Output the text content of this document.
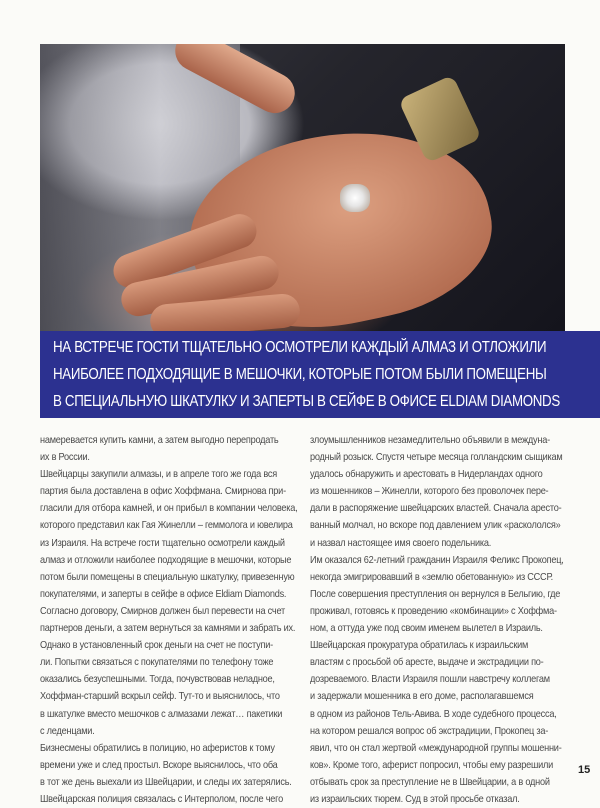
НА ВСТРЕЧЕ ГОСТИ ТЩАТЕЛЬНО ОСМОТРЕЛИ КАЖДЫЙ АЛМАЗ И ОТЛОЖИЛИ
НАИБОЛЕЕ ПОДХОДЯЩИЕ В МЕШОЧКИ, КОТОРЫЕ ПОТОМ БЫЛИ ПОМЕЩЕНЫ
В СПЕЦИАЛЬНУЮ ШКАТУЛКУ И ЗАПЕРТЫ В СЕЙФЕ В ОФИСЕ ELDIAM DIAMONDS
намеревается купить камни, а затем выгодно перепродать
их в России.
Швейцарцы закупили алмазы, и в апреле того же года вся
партия была доставлена в офис Хоффмана. Смирнова при-
гласили для отбора камней, и он прибыл в компании человека,
которого представил как Гая Жинелли – геммолога и ювелира
из Израиля. На встрече гости тщательно осмотрели каждый
алмаз и отложили наиболее подходящие в мешочки, которые
потом были помещены в специальную шкатулку, привезенную
покупателями, и заперты в сейфе в офисе Eldiam Diamonds.
Согласно договору, Смирнов должен был перевести на счет
партнеров деньги, а затем вернуться за камнями и забрать их.
Однако в установленный срок деньги на счет не поступи-
ли. Попытки связаться с покупателями по телефону тоже
оказались безуспешными. Тогда, почувствовав неладное,
Хоффман-старший вскрыл сейф. Тут-то и выяснилось, что
в шкатулке вместо мешочков с алмазами лежат… пакетики
с леденцами.
Бизнесмены обратились в полицию, но аферистов к тому
времени уже и след простыл. Вскоре выяснилось, что оба
в тот же день выехали из Швейцарии, и следы их затерялись.
Швейцарская полиция связалась с Интерполом, после чего
злоумышленников незамедлительно объявили в междуна-
родный розыск. Спустя четыре месяца голландским сыщикам
удалось обнаружить и арестовать в Нидерландах одного
из мошенников – Жинелли, которого без проволочек пере-
дали в распоряжение швейцарских властей. Сначала аресто-
ванный молчал, но вскоре под давлением улик «раскололся»
и назвал настоящее имя своего подельника.
Им оказался 62-летний гражданин Израиля Феликс Прокопец,
некогда эмигрировавший в «землю обетованную» из СССР.
После совершения преступления он вернулся в Бельгию, где
проживал, готовясь к проведению «комбинации» с Хоффма-
ном, а оттуда уже под своим именем вылетел в Израиль.
Швейцарская прокуратура обратилась к израильским
властям с просьбой об аресте, выдаче и экстрадиции по-
дозреваемого. Власти Израиля пошли навстречу коллегам
и задержали мошенника в его доме, располагавшемся
в одном из районов Тель-Авива. В ходе судебного процесса,
на котором решался вопрос об экстрадиции, Прокопец за-
явил, что он стал жертвой «международной группы мошенни-
ков». Кроме того, аферист попросил, чтобы ему разрешили
отбывать срок за преступление не в Швейцарии, а в одной
из израильских тюрем. Суд в этой просьбе отказал.
15
